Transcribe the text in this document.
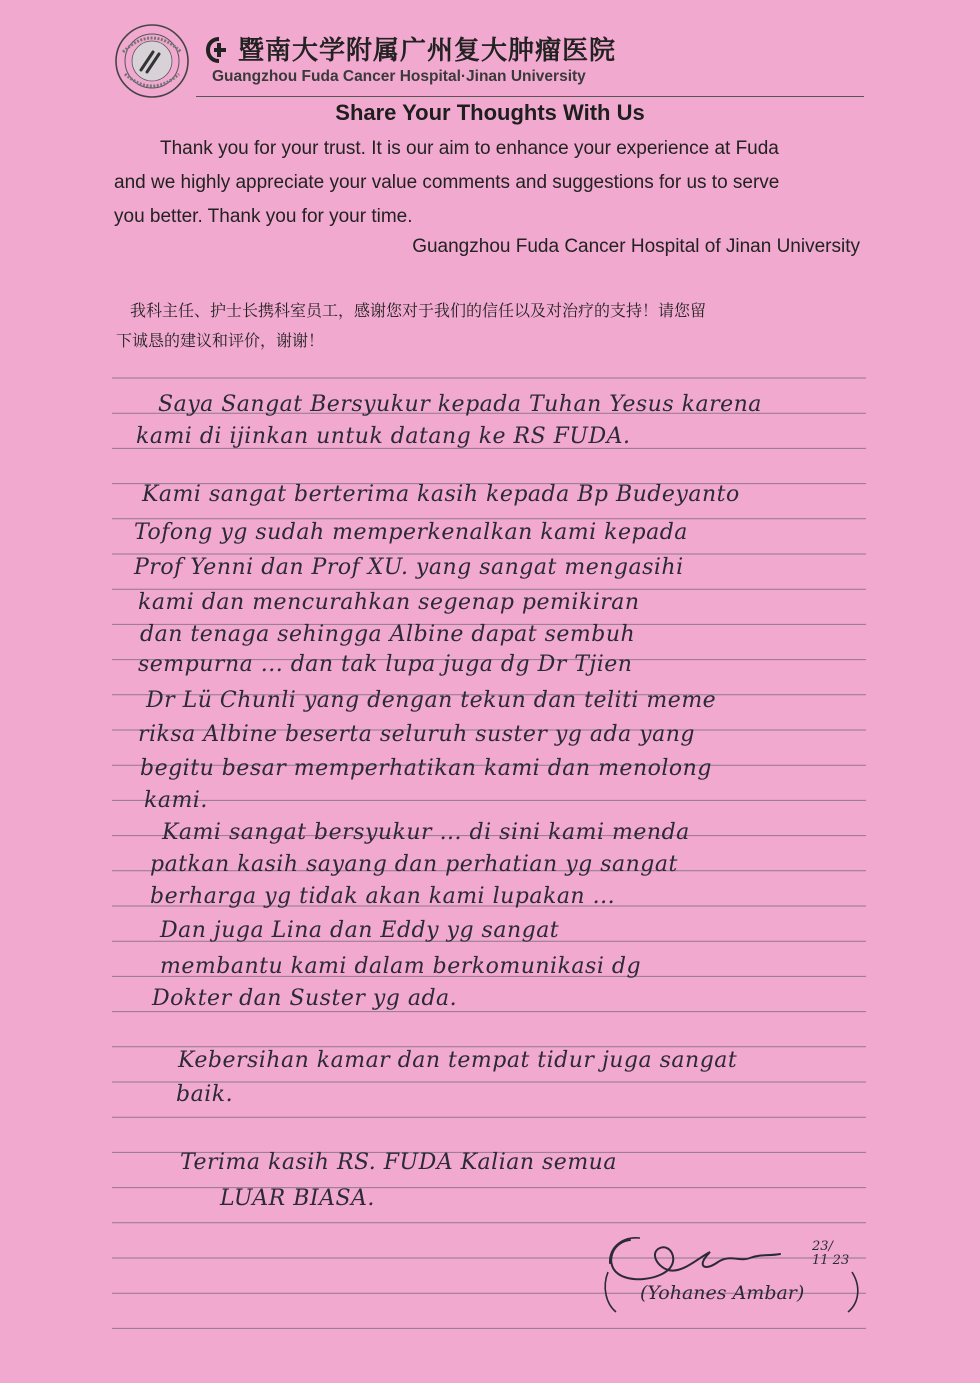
暨南大学附属广州复大肿瘤医院
Guangzhou Fuda Cancer Hospital·Jinan University
Share Your Thoughts With Us
Thank you for your trust. It is our aim to enhance your experience at Fuda
and we highly appreciate your value comments and suggestions for us to serve
you better. Thank you for your time.
Guangzhou Fuda Cancer Hospital of Jinan University
我科主任、护士长携科室员工，感谢您对于我们的信任以及对治疗的支持！请您留
下诚恳的建议和评价，谢谢！
Saya Sangat Bersyukur kepada Tuhan Yesus karena
kami di ijinkan untuk datang ke RS FUDA.
Kami sangat berterima kasih kepada Bp Budeyanto
Tofong yg sudah memperkenalkan kami kepada
Prof Yenni dan Prof XU. yang sangat mengasihi
kami dan mencurahkan segenap pemikiran
dan tenaga sehingga Albine dapat sembuh
sempurna ... dan tak lupa juga dg Dr Tjien
Dr Lü Chunli yang dengan tekun dan teliti meme
riksa Albine beserta seluruh suster yg ada yang
begitu besar memperhatikan kami dan menolong
kami.
Kami sangat bersyukur ... di sini kami menda
patkan kasih sayang dan perhatian yg sangat
berharga yg tidak akan kami lupakan ...
Dan juga Lina dan Eddy yg sangat
membantu kami dalam berkomunikasi dg
Dokter dan Suster yg ada.
Kebersihan kamar dan tempat tidur juga sangat
baik.
Terima kasih RS. FUDA Kalian semua
LUAR BIASA.
(Yohanes Ambar)
23/
11 23
